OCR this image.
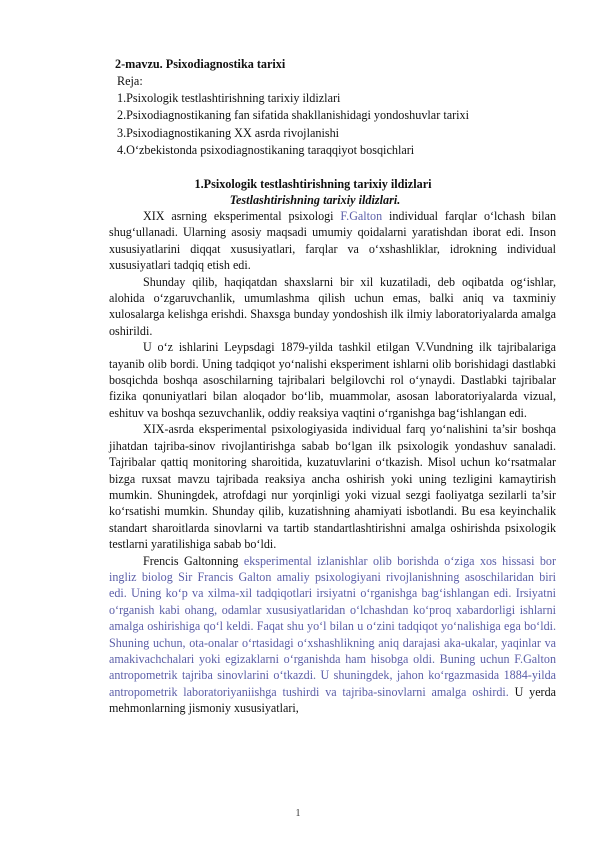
2-mavzu. Psixodiagnostika tarixi
Reja:
1.Psixologik testlashtirishning tarixiy ildizlari
2.Psixodiagnostikaning fan sifatida shakllanishidagi yondoshuvlar tarixi
3.Psixodiagnostikaning XX asrda rivojlanishi
4.O‘zbekistonda psixodiagnostikaning taraqqiyot bosqichlari
1.Psixologik testlashtirishning tarixiy ildizlari
Testlashtirishning tarixiy ildizlari.

XIX asrning eksperimental psixologi F.Galton individual farqlar o‘lchash bilan shug‘ullanadi. Ularning asosiy maqsadi umumiy qoidalarni yaratishdan iborat edi. Inson xususiyatlarini diqqat xususiyatlari, farqlar va o‘xshashliklar, idrokning individual xususiyatlari tadqiq etish edi.

Shunday qilib, haqiqatdan shaxslarni bir xil kuzatiladi, deb oqibatda og‘ishlar, alohida o‘zgaruvchanlik, umumlashma qilish uchun emas, balki aniq va taxminiy xulosalarga kelishga erishdi. Shaxsga bunday yondoshish ilk ilmiy laboratoriyalarda amalga oshirildi.

U o‘z ishlarini Leypsdagi 1879-yilda tashkil etilgan V.Vundning ilk tajribalariga tayanib olib bordi. Uning tadqiqot yo‘nalishi eksperiment ishlarni olib borishidagi dastlabki bosqichda boshqa asoschilarning tajribalari belgilovchi rol o‘ynaydi. Dastlabki tajribalar fizika qonuniyatlari bilan aloqador bo‘lib, muammolar, asosan laboratoriyalarda vizual, eshituv va boshqa sezuvchanlik, oddiy reaksiya vaqtini o‘rganishga bag‘ishlangan edi.

XIX-asrda eksperimental psixologiyasida individual farq yo‘nalishini ta’sir boshqa jihatdan tajriba-sinov rivojlantirishga sabab bo‘lgan ilk psixologik yondashuv sanaladi. Tajribalar qattiq monitoring sharoitida, kuzatuvlarini o‘tkazish. Misol uchun ko‘rsatmalar bizga ruxsat mavzu tajribada reaksiya ancha oshirish yoki uning tezligini kamaytirish mumkin. Shuningdek, atrofdagi nur yorqinligi yoki vizual sezgi faoliyatga sezilarli ta’sir ko‘rsatishi mumkin. Shunday qilib, kuzatishning ahamiyati isbotlandi. Bu esa keyinchalik standart sharoitlarda sinovlarni va tartib standartlashtirishni amalga oshirishda psixologik testlarni yaratilishiga sabab bo‘ldi.

Frencis Galtonning eksperimental izlanishlar olib borishda o‘ziga xos hissasi bor ingliz biolog Sir Francis Galton amaliy psixologiyani rivojlanishning asoschilaridan biri edi. Uning ko‘p va xilma-xil tadqiqotlari irsiyatni o‘rganishga bag‘ishlangan edi. Irsiyatni o‘rganish kabi ohang, odamlar xususiyatlaridan o‘lchashdan ko‘proq xabardorligi ishlarni amalga oshirishiga qo‘l keldi. Faqat shu yo‘l bilan u o‘zini tadqiqot yo‘nalishiga ega bo‘ldi. Shuning uchun, ota-onalar o‘rtasidagi o‘xshashlikning aniq darajasi aka-ukalar, yaqinlar va amakivachchalari yoki egizaklarni o‘rganishda ham hisobga oldi. Buning uchun F.Galton antropometrik tajriba sinovlarini o‘tkazdi. U shuningdek, jahon ko‘rgazmasida 1884-yilda antropometrik laboratoriyaniishga tushirdi va tajriba-sinovlarni amalga oshirdi. U yerda mehmonlarning jismoniy xususiyatlari,

1
